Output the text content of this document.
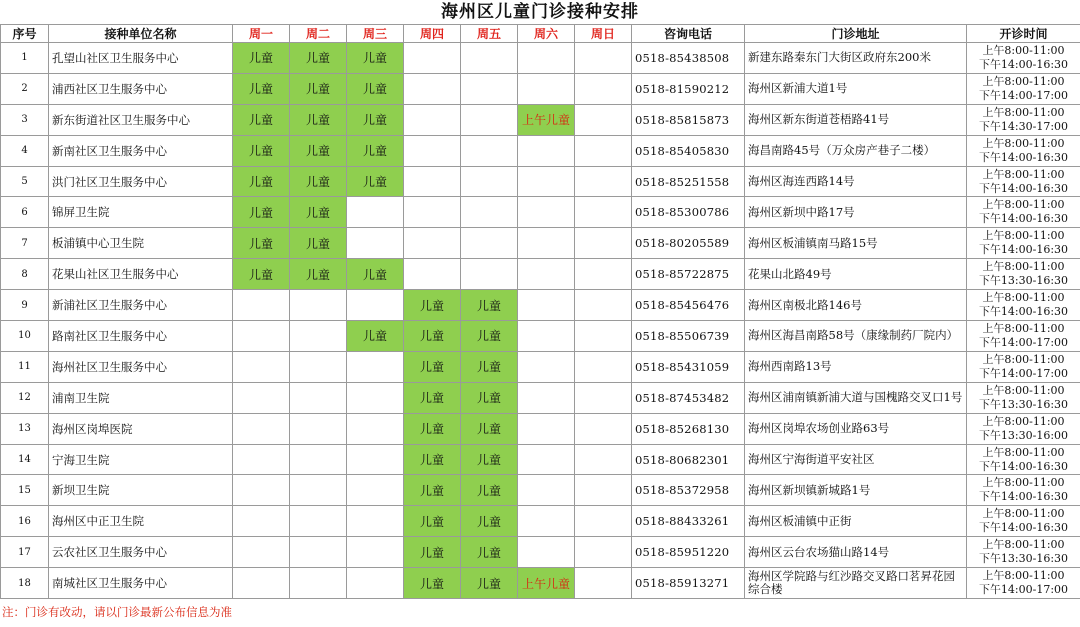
海州区儿童门诊接种安排
序号	接种单位名称	周一	周二	周三	周四	周五	周六	周日	咨询电话	门诊地址	开诊时间
1	孔望山社区卫生服务中心	儿童	儿童	儿童					0518-85438508	新建东路秦东门大街区政府东200米	上午8:00-11:00
下午14:00-16:30

2	浦西社区卫生服务中心	儿童	儿童	儿童					0518-81590212	海州区新浦大道1号	上午8:00-11:00
下午14:00-17:00

3	新东街道社区卫生服务中心	儿童	儿童	儿童			上午儿童		0518-85815873	海州区新东街道苍梧路41号	上午8:00-11:00
下午14:30-17:00

4	新南社区卫生服务中心	儿童	儿童	儿童					0518-85405830	海昌南路45号（万众房产巷子二楼）	上午8:00-11:00
下午14:00-16:30

5	洪门社区卫生服务中心	儿童	儿童	儿童					0518-85251558	海州区海连西路14号	上午8:00-11:00
下午14:00-16:30

6	锦屏卫生院	儿童	儿童						0518-85300786	海州区新坝中路17号	上午8:00-11:00
下午14:00-16:30

7	板浦镇中心卫生院	儿童	儿童						0518-80205589	海州区板浦镇南马路15号	上午8:00-11:00
下午14:00-16:30

8	花果山社区卫生服务中心	儿童	儿童	儿童					0518-85722875	花果山北路49号	上午8:00-11:00
下午13:30-16:30

9	新浦社区卫生服务中心				儿童	儿童			0518-85456476	海州区南极北路146号	上午8:00-11:00
下午14:00-16:30

10	路南社区卫生服务中心			儿童	儿童	儿童			0518-85506739	海州区海昌南路58号（康缘制药厂院内）	上午8:00-11:00
下午14:00-17:00

11	海州社区卫生服务中心				儿童	儿童			0518-85431059	海州西南路13号	上午8:00-11:00
下午14:00-17:00

12	浦南卫生院				儿童	儿童			0518-87453482	海州区浦南镇新浦大道与国槐路交叉口1号	上午8:00-11:00
下午13:30-16:30

13	海州区岗埠医院				儿童	儿童			0518-85268130	海州区岗埠农场创业路63号	上午8:00-11:00
下午13:30-16:00

14	宁海卫生院				儿童	儿童			0518-80682301	海州区宁海街道平安社区	上午8:00-11:00
下午14:00-16:30

15	新坝卫生院				儿童	儿童			0518-85372958	海州区新坝镇新城路1号	上午8:00-11:00
下午14:00-16:30

16	海州区中正卫生院				儿童	儿童			0518-88433261	海州区板浦镇中正街	上午8:00-11:00
下午14:00-16:30

17	云农社区卫生服务中心				儿童	儿童			0518-85951220	海州区云台农场猫山路14号	上午8:00-11:00
下午13:30-16:30

18	南城社区卫生服务中心				儿童	儿童	上午儿童		0518-85913271	海州区学院路与红沙路交叉路口茗昇花园综合楼	上午8:00-11:00
下午14:00-17:00
注：门诊有改动，请以门诊最新公布信息为准
